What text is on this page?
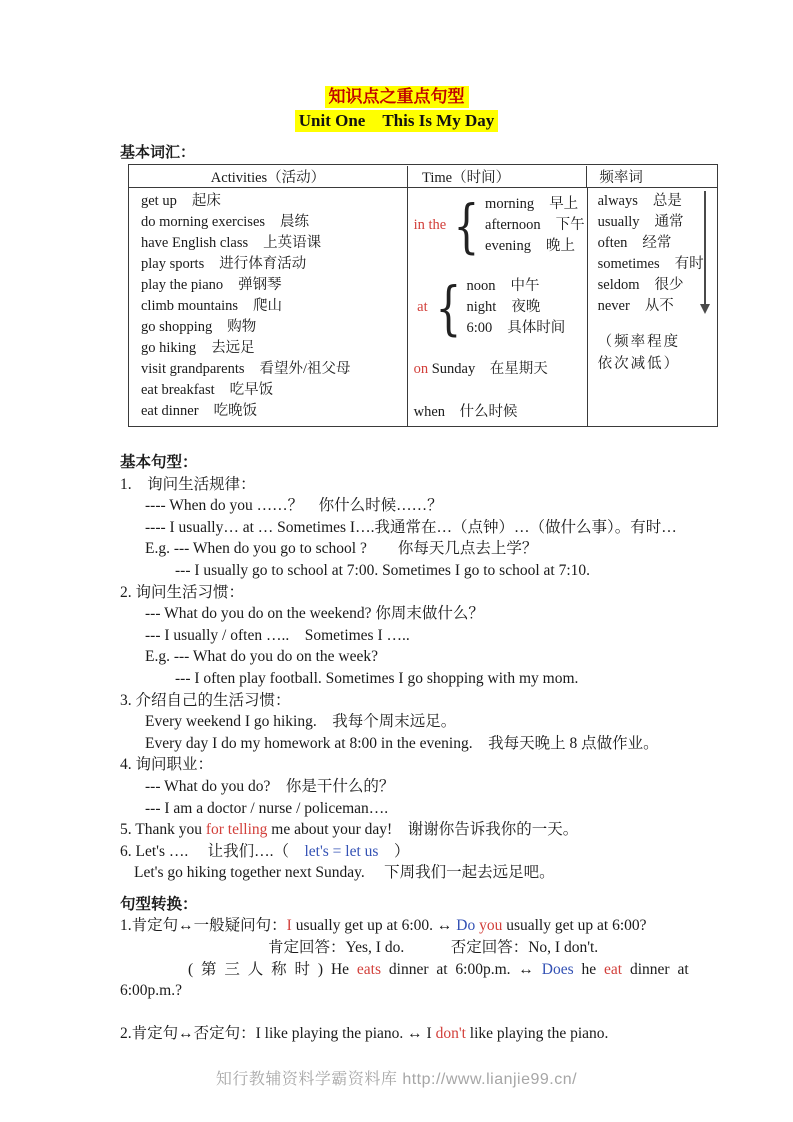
知识点之重点句型
Unit One　This Is My Day
基本词汇：
Activities（活动）	Time（时间）	频率词
get up 起床
do morning exercises 晨练
have English class 上英语课
play sports 进行体育活动
play the piano 弹钢琴
climb mountains 爬山
go shopping 购物
go hiking 去远足
visit grandparents 看望外/祖父母
eat breakfast 吃早饭
eat dinner 吃晚饭
in the { morning 早上
afternoon 下午
evening 晚上
at { noon 中午
night 夜晚
6:00 具体时间
on Sunday　在星期天
when　什么时候
always 总是
usually 通常
often 经常
sometimes 有时
seldom 很少
never 从不
（频率程度依次减低）
基本句型：
1.　询问生活规律：
---- When do you ……？　你什么时候……？
---- I usually… at … Sometimes I….我通常在…（点钟）…（做什么事）。有时…
E.g. --- When do you go to school ?　　你每天几点去上学？
--- I usually go to school at 7:00. Sometimes I go to school at 7:10.
2. 询问生活习惯：
--- What do you do on the weekend? 你周末做什么？
--- I usually / often …..　Sometimes I …..
E.g. --- What do you do on the week?
--- I often play football. Sometimes I go shopping with my mom.
3. 介绍自己的生活习惯：
Every weekend I go hiking.　我每个周末远足。
Every day I do my homework at 8:00 in the evening.　我每天晚上 8 点做作业。
4. 询问职业：
--- What do you do?　你是干什么的？
--- I am a doctor / nurse / policeman….
5. Thank you for telling me about your day!　谢谢你告诉我你的一天。
6. Let's ….　 让我们….（　let's = let us　）
Let's go hiking together next Sunday.　 下周我们一起去远足吧。
句型转换：
1.肯定句↔一般疑问句：I usually get up at 6:00. ↔ Do you usually get up at 6:00?
肯定回答：Yes, I do.　　　否定回答：No, I don't.
( 第 三 人 称 时 ) He eats dinner at 6:00p.m. ↔ Does he eat dinner at
6:00p.m.?

2.肯定句↔否定句：I like playing the piano. ↔ I don't like playing the piano.
知行教辅资料学霸资料库 http://www.lianjie99.cn/
